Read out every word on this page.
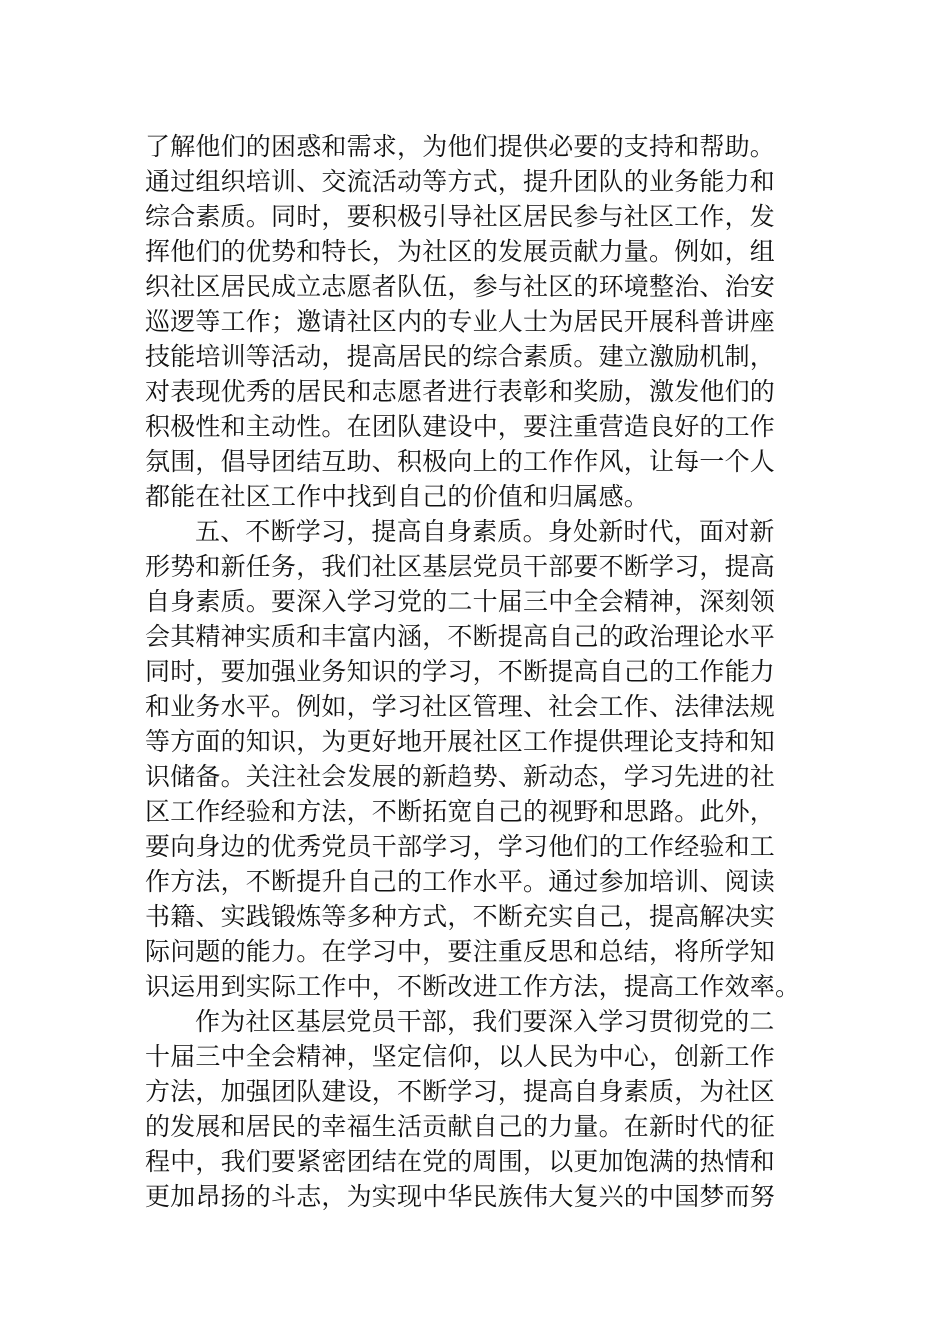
了解他们的困惑和需求，为他们提供必要的支持和帮助。
通过组织培训、交流活动等方式，提升团队的业务能力和
综合素质。同时，要积极引导社区居民参与社区工作，发
挥他们的优势和特长，为社区的发展贡献力量。例如，组
织社区居民成立志愿者队伍，参与社区的环境整治、治安
巡逻等工作；邀请社区内的专业人士为居民开展科普讲座
技能培训等活动，提高居民的综合素质。建立激励机制，
对表现优秀的居民和志愿者进行表彰和奖励，激发他们的
积极性和主动性。在团队建设中，要注重营造良好的工作
氛围，倡导团结互助、积极向上的工作作风，让每一个人
都能在社区工作中找到自己的价值和归属感。
五、不断学习，提高自身素质。身处新时代，面对新
形势和新任务，我们社区基层党员干部要不断学习，提高
自身素质。要深入学习党的二十届三中全会精神，深刻领
会其精神实质和丰富内涵，不断提高自己的政治理论水平
同时，要加强业务知识的学习，不断提高自己的工作能力
和业务水平。例如，学习社区管理、社会工作、法律法规
等方面的知识，为更好地开展社区工作提供理论支持和知
识储备。关注社会发展的新趋势、新动态，学习先进的社
区工作经验和方法，不断拓宽自己的视野和思路。此外，
要向身边的优秀党员干部学习，学习他们的工作经验和工
作方法，不断提升自己的工作水平。通过参加培训、阅读
书籍、实践锻炼等多种方式，不断充实自己，提高解决实
际问题的能力。在学习中，要注重反思和总结，将所学知
识运用到实际工作中，不断改进工作方法，提高工作效率。
作为社区基层党员干部，我们要深入学习贯彻党的二
十届三中全会精神，坚定信仰，以人民为中心，创新工作
方法，加强团队建设，不断学习，提高自身素质，为社区
的发展和居民的幸福生活贡献自己的力量。在新时代的征
程中，我们要紧密团结在党的周围，以更加饱满的热情和
更加昂扬的斗志，为实现中华民族伟大复兴的中国梦而努
